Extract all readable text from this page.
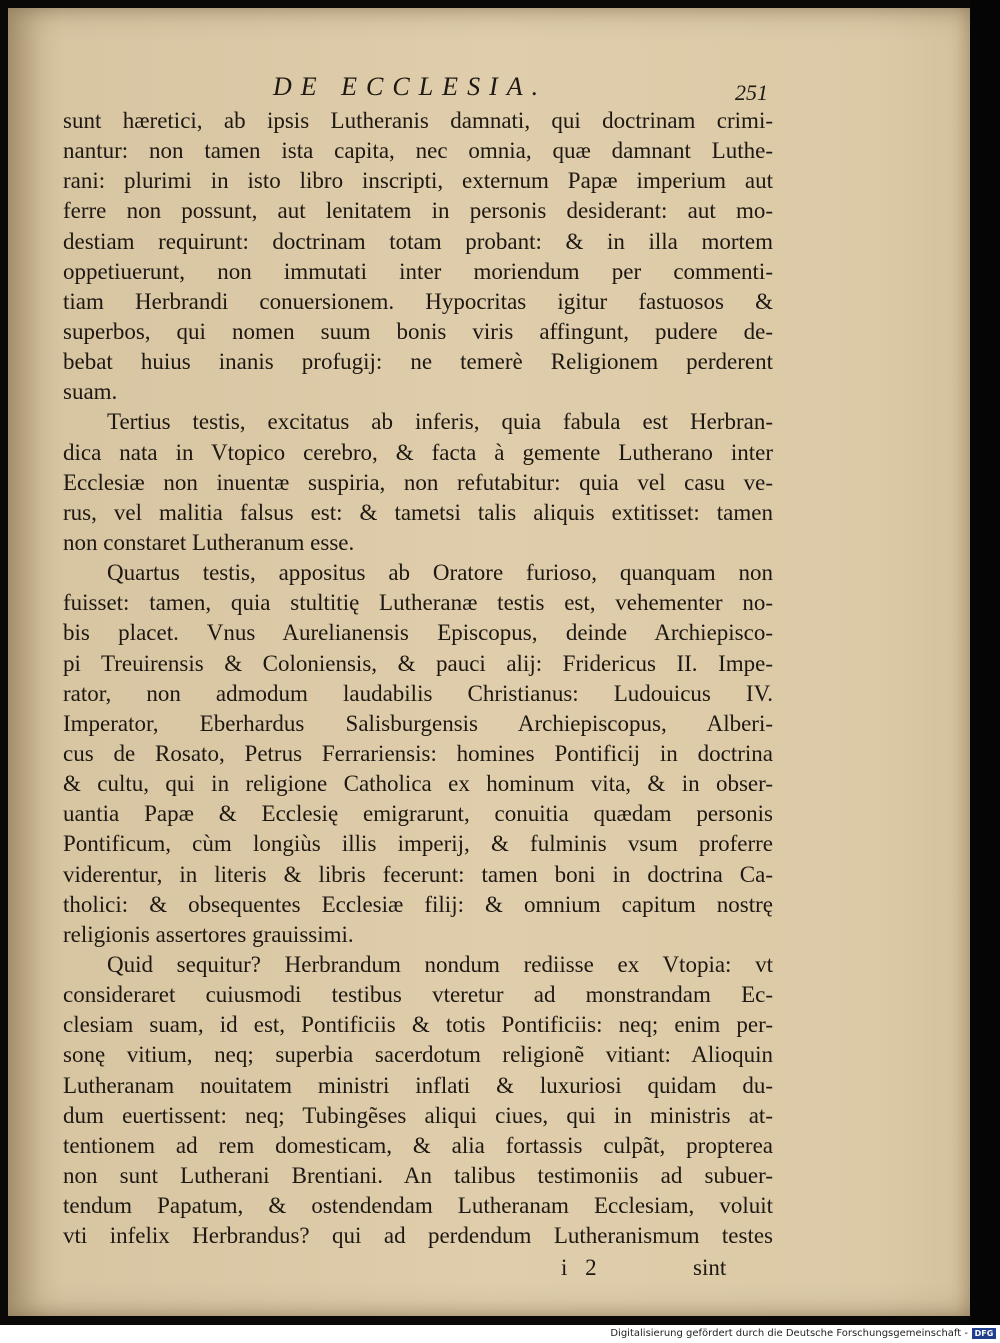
DE ECCLESIA.	251
sunt hæretici, ab ipsis Lutheranis damnati, qui doctrinam crimi-
nantur: non tamen ista capita, nec omnia, quæ damnant Luthe-
rani: plurimi in isto libro inscripti, externum Papæ imperium aut
ferre non possunt, aut lenitatem in personis desiderant: aut mo-
destiam requirunt: doctrinam totam probant: & in illa mortem
oppetiuerunt, non immutati inter moriendum per commenti-
tiam Herbrandi conuersionem. Hypocritas igitur fastuosos &
superbos, qui nomen suum bonis viris affingunt, pudere de-
bebat huius inanis profugij: ne temerè Religionem perderent
suam.
Tertius testis, excitatus ab inferis, quia fabula est Herbran-
dica nata in Vtopico cerebro, & facta à gemente Lutherano inter
Ecclesiæ non inuentæ suspiria, non refutabitur: quia vel casu ve-
rus, vel malitia falsus est: & tametsi talis aliquis extitisset: tamen
non constaret Lutheranum esse.
Quartus testis, appositus ab Oratore furioso, quanquam non
fuisset: tamen, quia stultitię Lutheranæ testis est, vehementer no-
bis placet. Vnus Aurelianensis Episcopus, deinde Archiepisco-
pi Treuirensis & Coloniensis, & pauci alij: Fridericus II. Impe-
rator, non admodum laudabilis Christianus: Ludouicus IV.
Imperator, Eberhardus Salisburgensis Archiepiscopus, Alberi-
cus de Rosato, Petrus Ferrariensis: homines Pontificij in doctrina
& cultu, qui in religione Catholica ex hominum vita, & in obser-
uantia Papæ & Ecclesię emigrarunt, conuitia quædam personis
Pontificum, cùm longiùs illis imperij, & fulminis vsum proferre
viderentur, in literis & libris fecerunt: tamen boni in doctrina Ca-
tholici: & obsequentes Ecclesiæ filij: & omnium capitum nostrę
religionis assertores grauissimi.
Quid sequitur? Herbrandum nondum rediisse ex Vtopia: vt
consideraret cuiusmodi testibus vteretur ad monstrandam Ec-
clesiam suam, id est, Pontificiis & totis Pontificiis: neq; enim per-
sonę vitium, neq; superbia sacerdotum religionẽ vitiant: Alioquin
Lutheranam nouitatem ministri inflati & luxuriosi quidam du-
dum euertissent: neq; Tubingẽses aliqui ciues, qui in ministris at-
tentionem ad rem domesticam, & alia fortassis culpãt, propterea
non sunt Lutherani Brentiani. An talibus testimoniis ad subuer-
tendum Papatum, & ostendendam Lutheranam Ecclesiam, voluit
vti infelix Herbrandus? qui ad perdendum Lutheranismum testes
i 2	sint
Digitalisierung gefördert durch die Deutsche Forschungsgemeinschaft - DFG
